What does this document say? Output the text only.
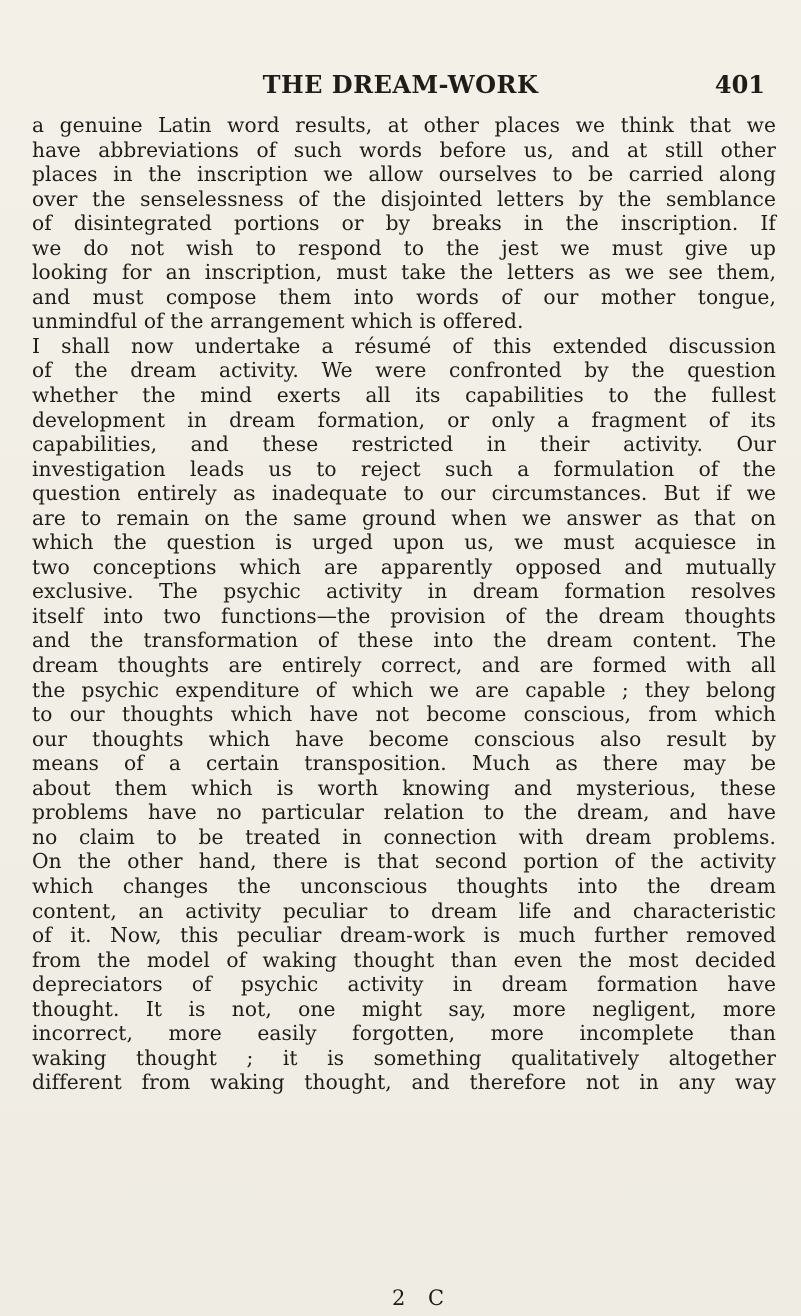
THE DREAM-WORK	401
a genuine Latin word results, at other places we think that we
have abbreviations of such words before us, and at still other
places in the inscription we allow ourselves to be carried along
over the senselessness of the disjointed letters by the semblance
of disintegrated portions or by breaks in the inscription. If
we do not wish to respond to the jest we must give up
looking for an inscription, must take the letters as we see them,
and must compose them into words of our mother tongue,
unmindful of the arrangement which is offered.
I shall now undertake a résumé of this extended discussion
of the dream activity. We were confronted by the question
whether the mind exerts all its capabilities to the fullest
development in dream formation, or only a fragment of its
capabilities, and these restricted in their activity. Our
investigation leads us to reject such a formulation of the
question entirely as inadequate to our circumstances. But if we
are to remain on the same ground when we answer as that on
which the question is urged upon us, we must acquiesce in
two conceptions which are apparently opposed and mutually
exclusive. The psychic activity in dream formation resolves
itself into two functions—the provision of the dream thoughts
and the transformation of these into the dream content. The
dream thoughts are entirely correct, and are formed with all
the psychic expenditure of which we are capable ; they belong
to our thoughts which have not become conscious, from which
our thoughts which have become conscious also result by
means of a certain transposition. Much as there may be
about them which is worth knowing and mysterious, these
problems have no particular relation to the dream, and have
no claim to be treated in connection with dream problems.
On the other hand, there is that second portion of the activity
which changes the unconscious thoughts into the dream
content, an activity peculiar to dream life and characteristic
of it. Now, this peculiar dream-work is much further removed
from the model of waking thought than even the most decided
depreciators of psychic activity in dream formation have
thought. It is not, one might say, more negligent, more
incorrect, more easily forgotten, more incomplete than
waking thought ; it is something qualitatively altogether
different from waking thought, and therefore not in any way
2 C
